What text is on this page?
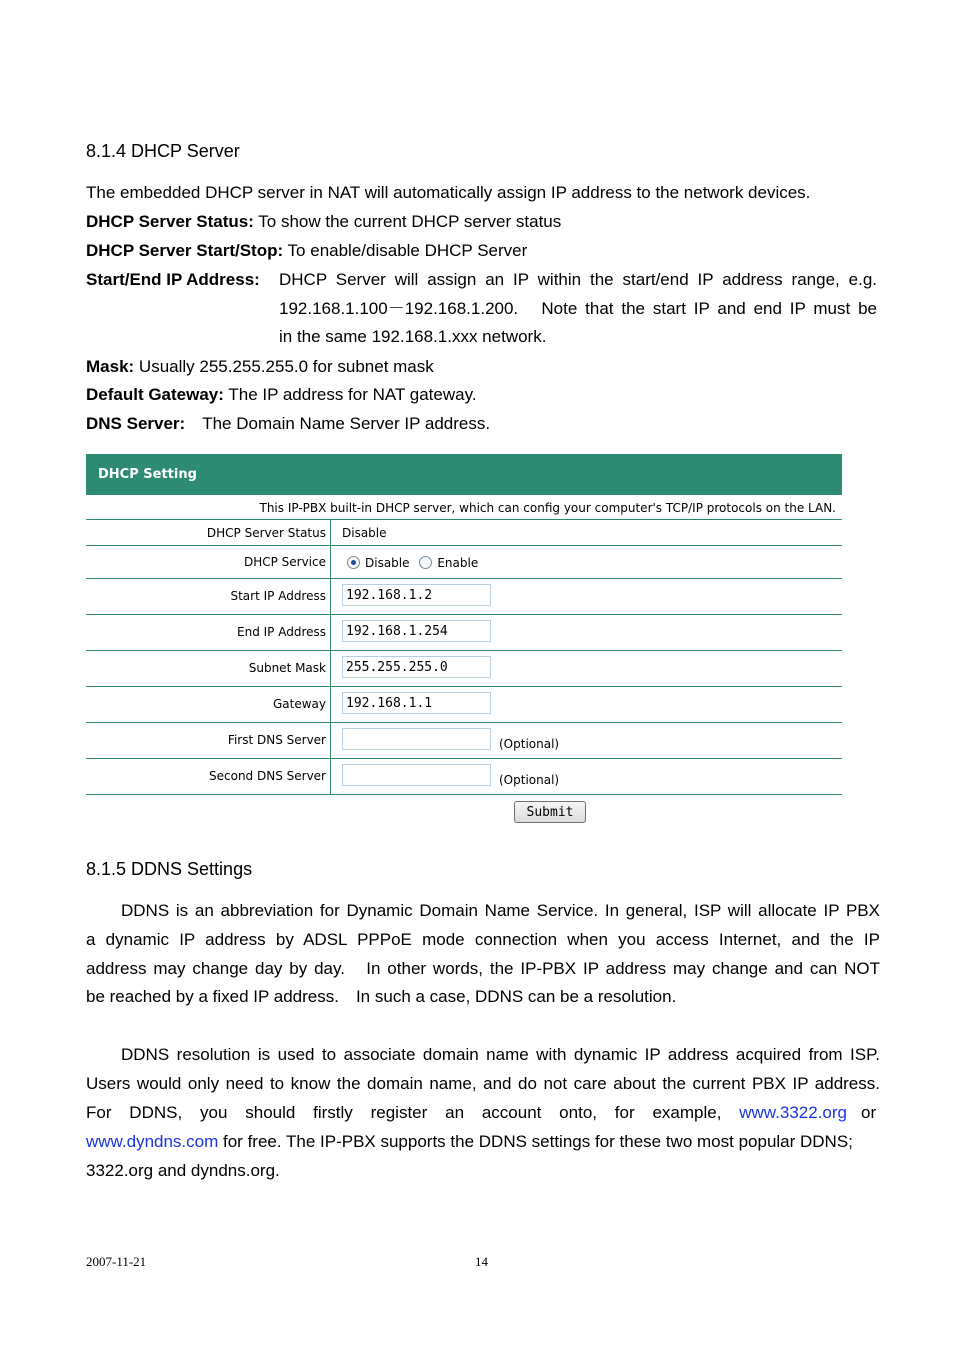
8.1.4 DHCP Server
The embedded DHCP server in NAT will automatically assign IP address to the network devices.
DHCP Server Status: To show the current DHCP server status
DHCP Server Start/Stop: To enable/disable DHCP Server
Start/End IP Address: DHCP Server will assign an IP within the start/end IP address range, e.g.
192.168.1.100－192.168.1.200.　Note that the start IP and end IP must be
in the same 192.168.1.xxx network.
Mask: Usually 255.255.255.0 for subnet mask
Default Gateway: The IP address for NAT gateway.
DNS Server:　The Domain Name Server IP address.
DHCP Setting
This IP-PBX built-in DHCP server, which can config your computer's TCP/IP protocols on the LAN.
DHCP Server Status Disable
DHCP Service	Disable Enable
Start IP Address	192.168.1.2
End IP Address	192.168.1.254
Subnet Mask	255.255.255.0
Gateway	192.168.1.1
First DNS Server	(Optional)
Second DNS Server	(Optional)
Submit
8.1.5 DDNS Settings
DDNS is an abbreviation for Dynamic Domain Name Service. In general, ISP will allocate IP PBX
a dynamic IP address by ADSL PPPoE mode connection when you access Internet, and the IP
address may change day by day.　In other words, the IP-PBX IP address may change and can NOT
be reached by a fixed IP address.　In such a case, DDNS can be a resolution.
DDNS resolution is used to associate domain name with dynamic IP address acquired from ISP.
Users would only need to know the domain name, and do not care about the current PBX IP address.
For DDNS, you should firstly register an account onto, for example, www.3322.org or
www.dyndns.com for free. The IP-PBX supports the DDNS settings for these two most popular DDNS;
3322.org and dyndns.org.
2007-11-21	14
